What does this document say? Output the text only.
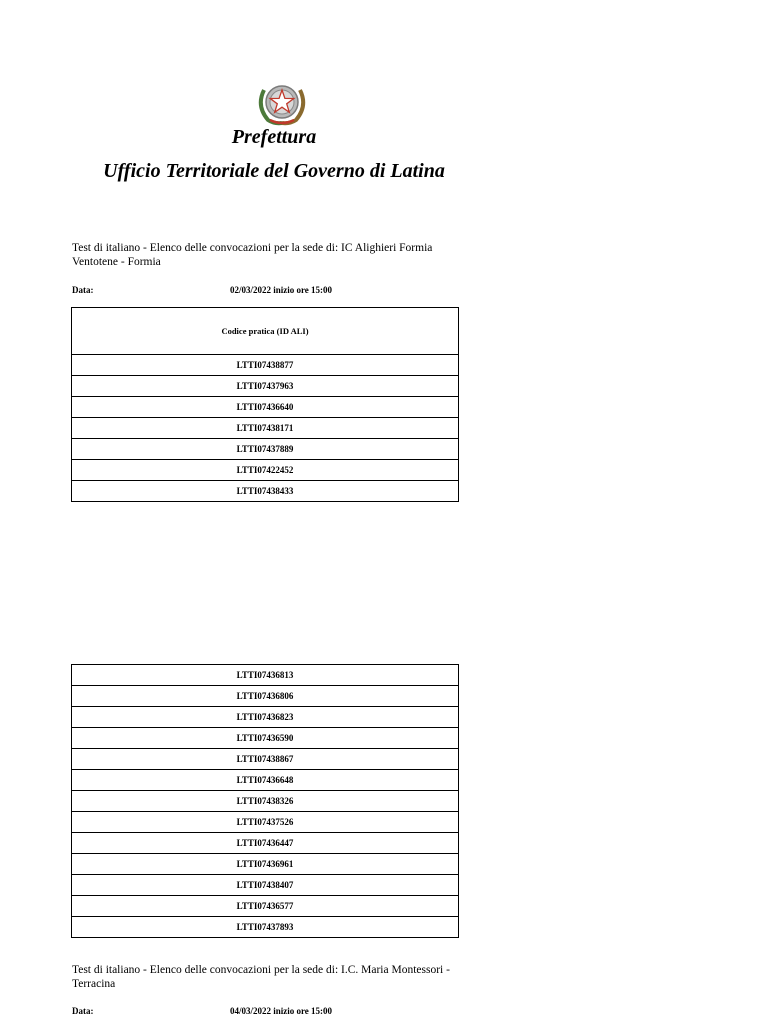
Prefettura
Ufficio Territoriale del Governo di Latina
Test di italiano - Elenco delle convocazioni per la sede di: IC Alighieri Formia Ventotene - Formia
Data:	02/03/2022 inizio ore 15:00
Codice pratica (ID ALI)
LTTI07438877
LTTI07437963
LTTI07436640
LTTI07438171
LTTI07437889
LTTI07422452
LTTI07438433
LTTI07436813
LTTI07436806
LTTI07436823
LTTI07436590
LTTI07438867
LTTI07436648
LTTI07438326
LTTI07437526
LTTI07436447
LTTI07436961
LTTI07438407
LTTI07436577
LTTI07437893
Test di italiano - Elenco delle convocazioni per la sede di: I.C. Maria Montessori - Terracina
Data:	04/03/2022 inizio ore 15:00
